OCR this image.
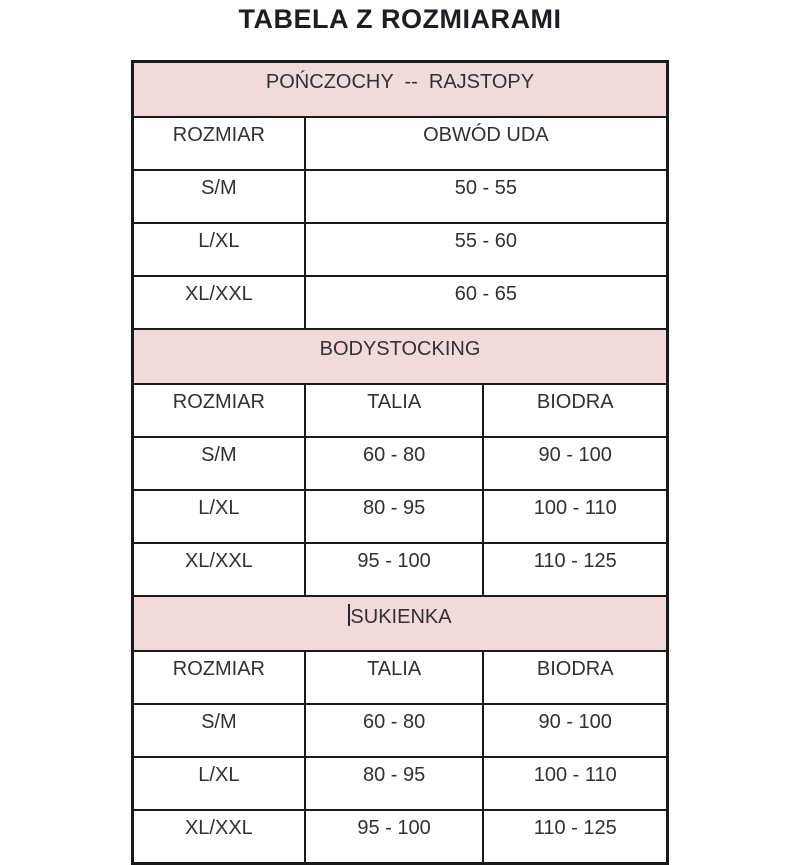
TABELA Z ROZMIARAMI
POŃCZOCHY  --  RAJSTOPY		
ROZMIAR	OBWÓD UDA	
S/M	50 - 55	
L/XL	55 - 60	
XL/XXL	60 - 65	
BODYSTOCKING		
ROZMIAR	TALIA	BIODRA
S/M	60 - 80	90 - 100
L/XL	80 - 95	100 - 110
XL/XXL	95 - 100	110 - 125
SUKIENKA		
ROZMIAR	TALIA	BIODRA
S/M	60 - 80	90 - 100
L/XL	80 - 95	100 - 110
XL/XXL	95 - 100	110 - 125
